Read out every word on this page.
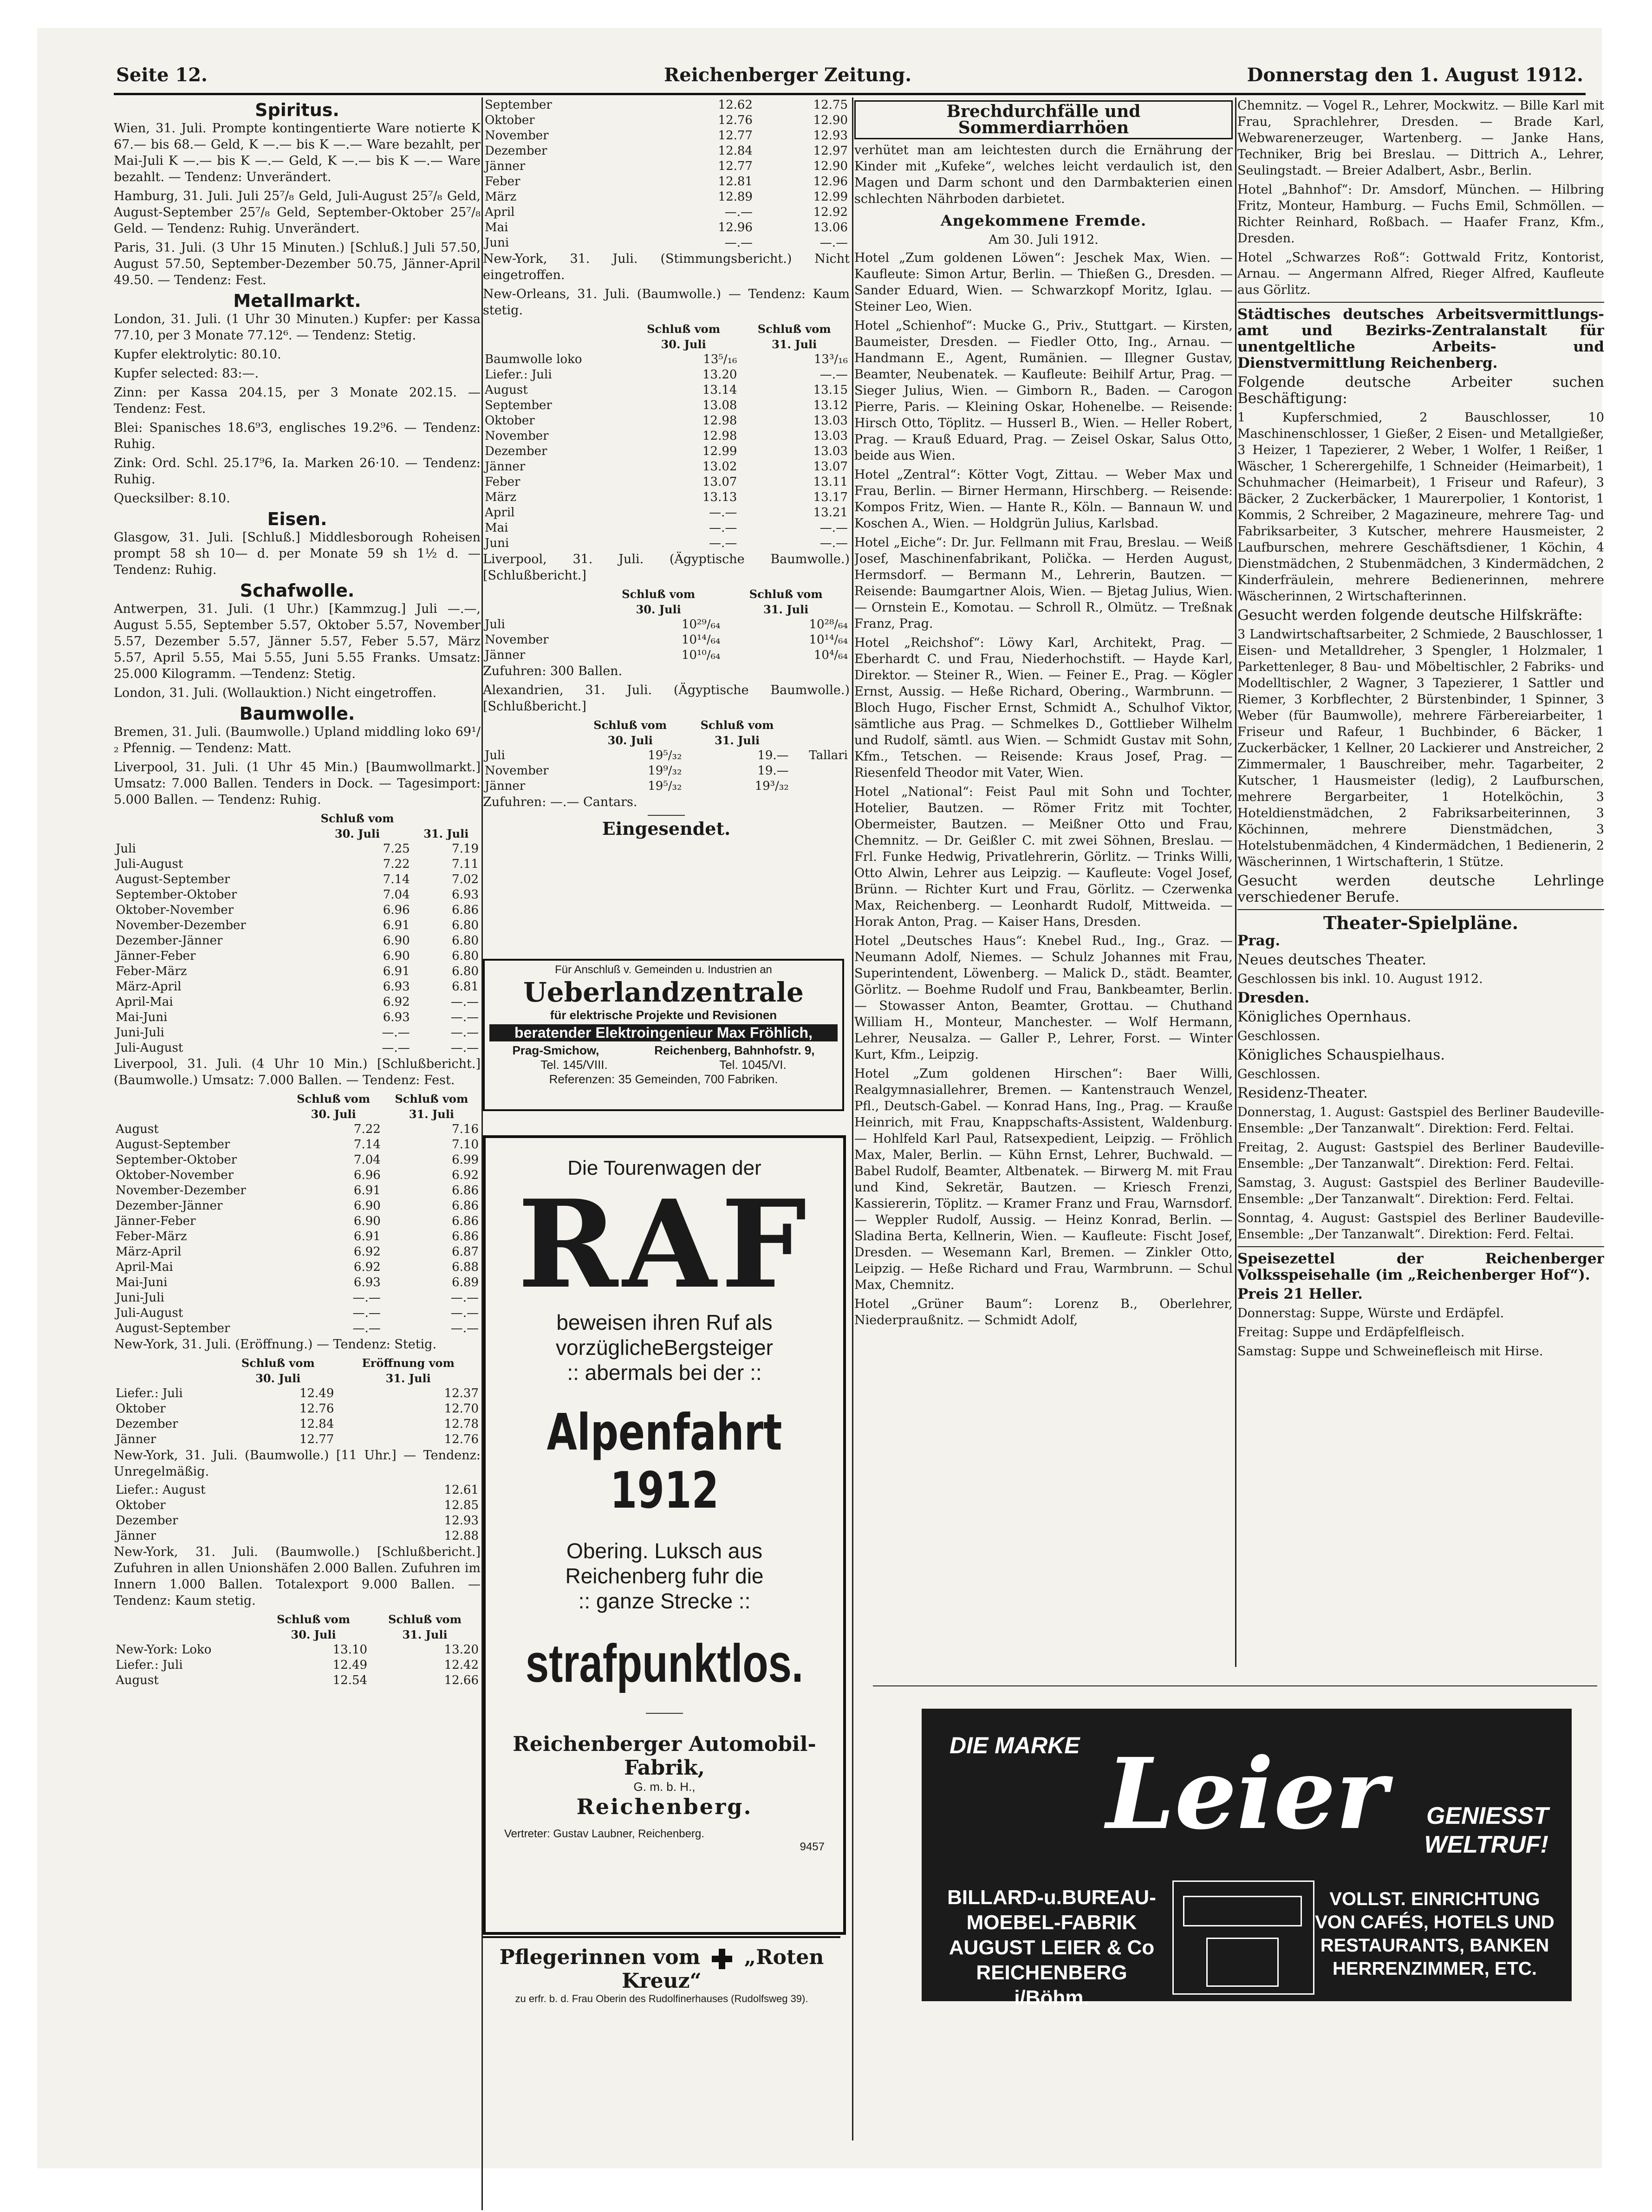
Seite 12.	Reichenberger Zeitung.	Donnerstag den 1. August 1912.
Spiritus.

Wien, 31. Juli. Prompte kontingentierte Ware notierte K 67.— bis 68.— Geld, K —.— bis K —.— Ware bezahlt, per Mai-Juli K —.— bis K —.— Geld, K —.— bis K —.— Ware bezahlt. — Tendenz: Unverändert.

Hamburg, 31. Juli. Juli 25⁷/₈ Geld, Juli-August 25⁷/₈ Geld, August-September 25⁷/₈ Geld, September-Oktober 25⁷/₈ Geld. — Tendenz: Ruhig. Unverändert.

Paris, 31. Juli. (3 Uhr 15 Minuten.) [Schluß.] Juli 57.50, August 57.50, September-Dezember 50.75, Jänner-April 49.50. — Tendenz: Fest.

Metallmarkt.

London, 31. Juli. (1 Uhr 30 Minuten.) Kupfer: per Kassa 77.10, per 3 Monate 77.12⁶. — Tendenz: Stetig.

Kupfer elektrolytic: 80.10.

Kupfer selected: 83:—.

Zinn: per Kassa 204.15, per 3 Monate 202.15. — Tendenz: Fest.

Blei: Spanisches 18.6⁹3, englisches 19.2⁹6. — Tendenz: Ruhig.

Zink: Ord. Schl. 25.17⁹6, Ia. Marken 26·10. — Tendenz: Ruhig.

Quecksilber: 8.10.

Eisen.

Glasgow, 31. Juli. [Schluß.] Middlesborough Roheisen prompt 58 sh 10— d. per Monate 59 sh 1½ d. — Tendenz: Ruhig.

Schafwolle.

Antwerpen, 31. Juli. (1 Uhr.) [Kammzug.] Juli —.—, August 5.55, September 5.57, Oktober 5.57, November 5.57, Dezember 5.57, Jänner 5.57, Feber 5.57, März 5.57, April 5.55, Mai 5.55, Juni 5.55 Franks. Umsatz: 25.000 Kilogramm. —Tendenz: Stetig.

London, 31. Juli. (Wollauktion.) Nicht eingetroffen.

Baumwolle.

Bremen, 31. Juli. (Baumwolle.) Upland middling loko 69¹/₂ Pfennig. — Tendenz: Matt.

Liverpool, 31. Juli. (1 Uhr 45 Min.) [Baumwollmarkt.] Umsatz: 7.000 Ballen. Tenders in Dock. — Tagesimport: 5.000 Ballen. — Tendenz: Ruhig.

	Schluß vom	
	30. Juli	31. Juli
Juli	7.25	7.19
Juli-August	7.22	7.11
August-September	7.14	7.02
September-Oktober	7.04	6.93
Oktober-November	6.96	6.86
November-Dezember	6.91	6.80
Dezember-Jänner	6.90	6.80
Jänner-Feber	6.90	6.80
Feber-März	6.91	6.80
März-April	6.93	6.81
April-Mai	6.92	—.—
Mai-Juni	6.93	—.—
Juni-Juli	—.—	—.—
Juli-August	—.—	—.—

Liverpool, 31. Juli. (4 Uhr 10 Min.) [Schlußbericht.] (Baumwolle.) Umsatz: 7.000 Ballen. — Tendenz: Fest.

	Schluß vom	Schluß vom
	30. Juli	31. Juli
August	7.22	7.16
August-September	7.14	7.10
September-Oktober	7.04	6.99
Oktober-November	6.96	6.92
November-Dezember	6.91	6.86
Dezember-Jänner	6.90	6.86
Jänner-Feber	6.90	6.86
Feber-März	6.91	6.86
März-April	6.92	6.87
April-Mai	6.92	6.88
Mai-Juni	6.93	6.89
Juni-Juli	—.—	—.—
Juli-August	—.—	—.—
August-September	—.—	—.—

New-York, 31. Juli. (Eröffnung.) — Tendenz: Stetig.

	Schluß vom	Eröffnung vom
	30. Juli	31. Juli
Liefer.: Juli	12.49	12.37
Oktober	12.76	12.70
Dezember	12.84	12.78
Jänner	12.77	12.76

New-York, 31. Juli. (Baumwolle.) [11 Uhr.] — Tendenz: Unregelmäßig.

Liefer.: August	12.61
Oktober	12.85
Dezember	12.93
Jänner	12.88

New-York, 31. Juli. (Baumwolle.) [Schlußbericht.] Zufuhren in allen Unionshäfen 2.000 Ballen. Zufuhren im Innern 1.000 Ballen. Totalexport 9.000 Ballen. — Tendenz: Kaum stetig.

	Schluß vom	Schluß vom
	30. Juli	31. Juli
New-York: Loko	13.10	13.20
Liefer.: Juli	12.49	12.42
August	12.54	12.66
September	12.62	12.75
Oktober	12.76	12.90
November	12.77	12.93
Dezember	12.84	12.97
Jänner	12.77	12.90
Feber	12.81	12.96
März	12.89	12.99
April	—.—	12.92
Mai	12.96	13.06
Juni	—.—	—.—

New-York, 31. Juli. (Stimmungsbericht.) Nicht eingetroffen.

New-Orleans, 31. Juli. (Baumwolle.) — Tendenz: Kaum stetig.

	Schluß vom	Schluß vom
	30. Juli	31. Juli
Baumwolle loko	13⁵/₁₆	13³/₁₆
Liefer.: Juli	13.20	—.—
August	13.14	13.15
September	13.08	13.12
Oktober	12.98	13.03
November	12.98	13.03
Dezember	12.99	13.03
Jänner	13.02	13.07
Feber	13.07	13.11
März	13.13	13.17
April	—.—	13.21
Mai	—.—	—.—
Juni	—.—	—.—

Liverpool, 31. Juli. (Ägyptische Baumwolle.) [Schlußbericht.]

	Schluß vom	Schluß vom
	30. Juli	31. Juli
Juli	10²⁹/₆₄	10²⁸/₆₄
November	10¹⁴/₆₄	10¹⁴/₆₄
Jänner	10¹⁰/₆₄	10⁴/₆₄

Zufuhren: 300 Ballen.

Alexandrien, 31. Juli. (Ägyptische Baumwolle.) [Schlußbericht.]

	Schluß vom	Schluß vom	
	30. Juli	31. Juli	
Juli	19⁵/₃₂	19.—	Tallari
November	19⁹/₃₂	19.—	
Jänner	19⁵/₃₂	19³/₃₂	

Zufuhren: —.— Cantars.

Eingesendet.

Für Anschluß v. Gemeinden u. Industrien an

Ueberlandzentrale

für elektrische Projekte und Revisionen

beratender Elektroingenieur Max Fröhlich,

Prag-Smichow,	Reichenberg, Bahnhofstr. 9,

Tel. 145/VIII.	Tel. 1045/VI.

Referenzen: 35 Gemeinden, 700 Fabriken.

Die Tourenwagen der

RAF

beweisen ihren Ruf als

vorzüglicheBergsteiger

:: abermals bei der ::

Alpenfahrt 1912

Obering. Luksch aus

Reichenberg fuhr die

:: ganze Strecke ::

strafpunktlos.

Reichenberger Automobil-Fabrik,

G. m. b. H.,

Reichenberg.

Vertreter: Gustav Laubner, Reichenberg.

9457

Pflegerinnen vom „Roten Kreuz“

zu erfr. b. d. Frau Oberin des Rudolfinerhauses (Rudolfsweg 39).

Brechdurchfälle und Sommerdiarrhöen

verhütet man am leichtesten durch die Ernährung der Kinder mit „Kufeke“, welches leicht verdaulich ist, den Magen und Darm schont und den Darmbakterien einen schlechten Nährboden darbietet.

Angekommene Fremde.
Am 30. Juli 1912.

Hotel „Zum goldenen Löwen“: Jeschek Max, Wien. — Kaufleute: Simon Artur, Berlin. — Thießen G., Dresden. — Sander Eduard, Wien. — Schwarzkopf Moritz, Iglau. — Steiner Leo, Wien.

Hotel „Schienhof“: Mucke G., Priv., Stuttgart. — Kirsten, Baumeister, Dresden. — Fiedler Otto, Ing., Arnau. — Handmann E., Agent, Rumänien. — Illegner Gustav, Beamter, Neubenatek. — Kaufleute: Beihilf Artur, Prag. — Sieger Julius, Wien. — Gimborn R., Baden. — Carogon Pierre, Paris. — Kleining Oskar, Hohenelbe. — Reisende: Hirsch Otto, Töplitz. — Husserl B., Wien. — Heller Robert, Prag. — Krauß Eduard, Prag. — Zeisel Oskar, Salus Otto, beide aus Wien.

Hotel „Zentral“: Kötter Vogt, Zittau. — Weber Max und Frau, Berlin. — Birner Hermann, Hirschberg. — Reisende: Kompos Fritz, Wien. — Hante R., Köln. — Bannaun W. und Koschen A., Wien. — Holdgrün Julius, Karlsbad.

Hotel „Eiche“: Dr. Jur. Fellmann mit Frau, Breslau. — Weiß Josef, Maschinenfabrikant, Polička. — Herden August, Hermsdorf. — Bermann M., Lehrerin, Bautzen. — Reisende: Baumgartner Alois, Wien. — Bjetag Julius, Wien. — Ornstein E., Komotau. — Schroll R., Olmütz. — Treßnak Franz, Prag.

Hotel „Reichshof“: Löwy Karl, Architekt, Prag. — Eberhardt C. und Frau, Niederhochstift. — Hayde Karl, Direktor. — Steiner R., Wien. — Feiner E., Prag. — Kögler Ernst, Aussig. — Heße Richard, Obering., Warmbrunn. — Bloch Hugo, Fischer Ernst, Schmidt A., Schulhof Viktor, sämtliche aus Prag. — Schmelkes D., Gottlieber Wilhelm und Rudolf, sämtl. aus Wien. — Schmidt Gustav mit Sohn, Kfm., Tetschen. — Reisende: Kraus Josef, Prag. — Riesenfeld Theodor mit Vater, Wien.

Hotel „National“: Feist Paul mit Sohn und Tochter, Hotelier, Bautzen. — Römer Fritz mit Tochter, Obermeister, Bautzen. — Meißner Otto und Frau, Chemnitz. — Dr. Geißler C. mit zwei Söhnen, Breslau. — Frl. Funke Hedwig, Privatlehrerin, Görlitz. — Trinks Willi, Otto Alwin, Lehrer aus Leipzig. — Kaufleute: Vogel Josef, Brünn. — Richter Kurt und Frau, Görlitz. — Czerwenka Max, Reichenberg. — Leonhardt Rudolf, Mittweida. — Horak Anton, Prag. — Kaiser Hans, Dresden.

Hotel „Deutsches Haus“: Knebel Rud., Ing., Graz. — Neumann Adolf, Niemes. — Schulz Johannes mit Frau, Superintendent, Löwenberg. — Malick D., städt. Beamter, Görlitz. — Boehme Rudolf und Frau, Bankbeamter, Berlin. — Stowasser Anton, Beamter, Grottau. — Chuthand William H., Monteur, Manchester. — Wolf Hermann, Lehrer, Neusalza. — Galler P., Lehrer, Forst. — Winter Kurt, Kfm., Leipzig.

Hotel „Zum goldenen Hirschen“: Baer Willi, Realgymnasiallehrer, Bremen. — Kantenstrauch Wenzel, Pfl., Deutsch-Gabel. — Konrad Hans, Ing., Prag. — Krauße Heinrich, mit Frau, Knappschafts-Assistent, Waldenburg. — Hohlfeld Karl Paul, Ratsexpedient, Leipzig. — Fröhlich Max, Maler, Berlin. — Kühn Ernst, Lehrer, Buchwald. — Babel Rudolf, Beamter, Altbenatek. — Birwerg M. mit Frau und Kind, Sekretär, Bautzen. — Kriesch Frenzi, Kassiererin, Töplitz. — Kramer Franz und Frau, Warnsdorf. — Weppler Rudolf, Aussig. — Heinz Konrad, Berlin. — Sladina Berta, Kellnerin, Wien. — Kaufleute: Fischt Josef, Dresden. — Wesemann Karl, Bremen. — Zinkler Otto, Leipzig. — Heße Richard und Frau, Warmbrunn. — Schul Max, Chemnitz.

Hotel „Grüner Baum“: Lorenz B., Oberlehrer, Niederpraußnitz. — Schmidt Adolf,

Chemnitz. — Vogel R., Lehrer, Mockwitz. — Bille Karl mit Frau, Sprachlehrer, Dresden. — Brade Karl, Webwarenerzeuger, Wartenberg. — Janke Hans, Techniker, Brig bei Breslau. — Dittrich A., Lehrer, Seulingstadt. — Breier Adalbert, Asbr., Berlin.

Hotel „Bahnhof“: Dr. Amsdorf, München. — Hilbring Fritz, Monteur, Hamburg. — Fuchs Emil, Schmöllen. — Richter Reinhard, Roßbach. — Haafer Franz, Kfm., Dresden.

Hotel „Schwarzes Roß“: Gottwald Fritz, Kontorist, Arnau. — Angermann Alfred, Rieger Alfred, Kaufleute aus Görlitz.

Städtisches deutsches Arbeitsvermittlungs-amt und Bezirks-Zentralanstalt für unentgeltliche Arbeits- und Dienstvermittlung Reichenberg.

Folgende deutsche Arbeiter suchen Beschäftigung:

1 Kupferschmied, 2 Bauschlosser, 10 Maschinenschlosser, 1 Gießer, 2 Eisen- und Metallgießer, 3 Heizer, 1 Tapezierer, 2 Weber, 1 Wolfer, 1 Reißer, 1 Wäscher, 1 Scherergehilfe, 1 Schneider (Heimarbeit), 1 Schuhmacher (Heimarbeit), 1 Friseur und Rafeur), 3 Bäcker, 2 Zuckerbäcker, 1 Maurerpolier, 1 Kontorist, 1 Kommis, 2 Schreiber, 2 Magazineure, mehrere Tag- und Fabriksarbeiter, 3 Kutscher, mehrere Hausmeister, 2 Laufburschen, mehrere Geschäftsdiener, 1 Köchin, 4 Dienstmädchen, 2 Stubenmädchen, 3 Kindermädchen, 2 Kinderfräulein, mehrere Bedienerinnen, mehrere Wäscherinnen, 2 Wirtschafterinnen.

Gesucht werden folgende deutsche Hilfskräfte:

3 Landwirtschaftsarbeiter, 2 Schmiede, 2 Bauschlosser, 1 Eisen- und Metalldreher, 3 Spengler, 1 Holzmaler, 1 Parkettenleger, 8 Bau- und Möbeltischler, 2 Fabriks- und Modelltischler, 2 Wagner, 3 Tapezierer, 1 Sattler und Riemer, 3 Korbflechter, 2 Bürstenbinder, 1 Spinner, 3 Weber (für Baumwolle), mehrere Färbereiarbeiter, 1 Friseur und Rafeur, 1 Buchbinder, 6 Bäcker, 1 Zuckerbäcker, 1 Kellner, 20 Lackierer und Anstreicher, 2 Zimmermaler, 1 Bauschreiber, mehr. Tagarbeiter, 2 Kutscher, 1 Hausmeister (ledig), 2 Laufburschen, mehrere Bergarbeiter, 1 Hotelköchin, 3 Hoteldienstmädchen, 2 Fabriksarbeiterinnen, 3 Köchinnen, mehrere Dienstmädchen, 3 Hotelstubenmädchen, 4 Kindermädchen, 1 Bedienerin, 2 Wäscherinnen, 1 Wirtschafterin, 1 Stütze.

Gesucht werden deutsche Lehrlinge verschiedener Berufe.

Theater-Spielpläne.

Prag.

Neues deutsches Theater.

Geschlossen bis inkl. 10. August 1912.

Dresden.

Königliches Opernhaus.

Geschlossen.

Königliches Schauspielhaus.

Geschlossen.

Residenz-Theater.

Donnerstag, 1. August: Gastspiel des Berliner Baudeville-Ensemble: „Der Tanzanwalt“. Direktion: Ferd. Feltai.

Freitag, 2. August: Gastspiel des Berliner Baudeville-Ensemble: „Der Tanzanwalt“. Direktion: Ferd. Feltai.

Samstag, 3. August: Gastspiel des Berliner Baudeville-Ensemble: „Der Tanzanwalt“. Direktion: Ferd. Feltai.

Sonntag, 4. August: Gastspiel des Berliner Baudeville-Ensemble: „Der Tanzanwalt“. Direktion: Ferd. Feltai.

Speisezettel der Reichenberger Volksspeisehalle (im „Reichenberger Hof“).

Preis 21 Heller.

Donnerstag: Suppe, Würste und Erdäpfel.

Freitag: Suppe und Erdäpfelfleisch.

Samstag: Suppe und Schweinefleisch mit Hirse.

DIE MARKE Leier	GENIESST
WELTRUF!
BILLARD-u.BUREAU-
MOEBEL-FABRIK
AUGUST LEIER & Co
REICHENBERG i/Böhm.
VOLLST. EINRICHTUNG
VON CAFÉS, HOTELS UND
RESTAURANTS, BANKEN
HERRENZIMMER, ETC.
